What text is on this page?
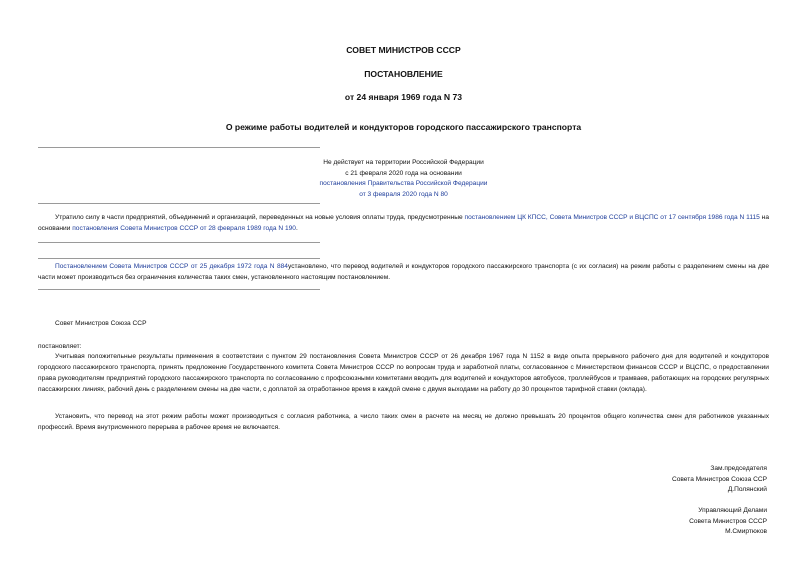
СОВЕТ МИНИСТРОВ СССР
ПОСТАНОВЛЕНИЕ
от 24 января 1969 года N 73
О режиме работы водителей и кондукторов городского пассажирского транспорта
Не действует на территории Российской Федерации
с 21 февраля 2020 года на основании
постановления Правительства Российской Федерации
от 3 февраля 2020 года N 80
Утратило силу в части предприятий, объединений и организаций, переведенных на новые условия оплаты труда, предусмотренные постановлением ЦК КПСС, Совета Министров СССР и ВЦСПС от 17 сентября 1986 года N 1115 на основании постановления Совета Министров СССР от 28 февраля 1989 года N 190.
Постановлением Совета Министров СССР от 25 декабря 1972 года N 884установлено, что перевод водителей и кондукторов городского пассажирского транспорта (с их согласия) на режим работы с разделением смены на две части может производиться без ограничения количества таких смен, установленного настоящим постановлением.
Совет Министров Союза ССР
постановляет:
Учитывая положительные результаты применения в соответствии с пунктом 29 постановления Совета Министров СССР от 26 декабря 1967 года N 1152 в виде опыта прерывного рабочего дня для водителей и кондукторов городского пассажирского транспорта, принять предложение Государственного комитета Совета Министров СССР по вопросам труда и заработной платы, согласованное с Министерством финансов СССР и ВЦСПС, о предоставлении права руководителям предприятий городского пассажирского транспорта по согласованию с профсоюзными комитетами вводить для водителей и кондукторов автобусов, троллейбусов и трамваев, работающих на городских регулярных пассажирских линиях, рабочий день с разделением смены на две части, с доплатой за отработанное время в каждой смене с двумя выходами на работу до 30 процентов тарифной ставки (оклада).
Установить, что перевод на этот режим работы может производиться с согласия работника, а число таких смен в расчете на месяц не должно превышать 20 процентов общего количества смен для работников указанных профессий. Время внутрисменного перерыва в рабочее время не включается.
Зам.председателя
Совета Министров Союза ССР
Д.Полянский
Управляющий Делами
Совета Министров СССР
М.Смиртюков
